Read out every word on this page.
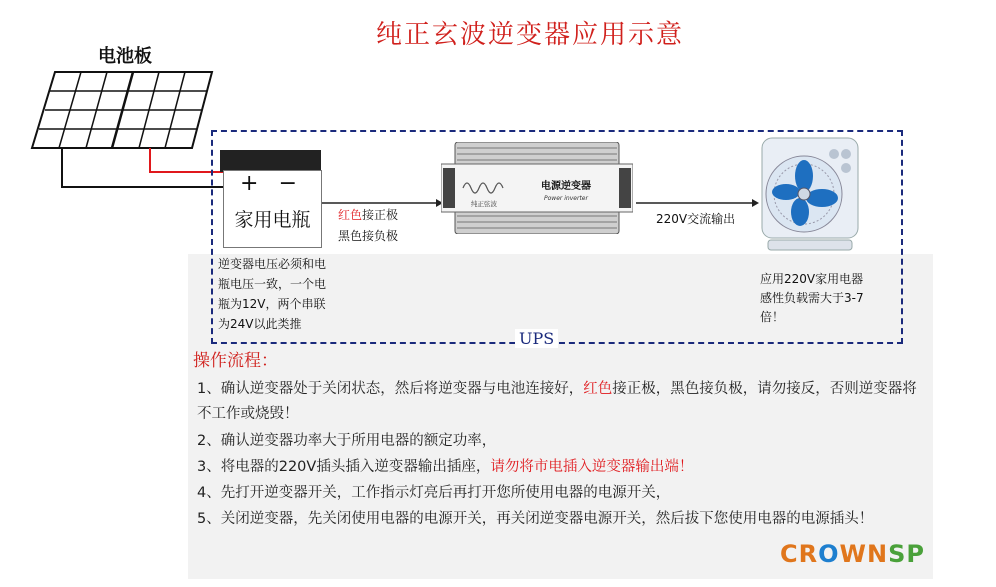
纯正玄波逆变器应用示意
电池板
UPS
+ −
家用电瓶
逆变器电压必须和电瓶电压一致，一个电瓶为12V，两个串联为24V以此类推
红色接正极
黑色接负极
电源逆变器
Power inverter
纯正弦波
220V交流输出
应用220V家用电器感性负载需大于3-7倍！
操作流程：
1、确认逆变器处于关闭状态，然后将逆变器与电池连接好，红色接正极，黑色接负极，请勿接反，否则逆变器将不工作或烧毁！
2、确认逆变器功率大于所用电器的额定功率，
3、将电器的220V插头插入逆变器输出插座，请勿将市电插入逆变器输出端！
4、先打开逆变器开关，工作指示灯亮后再打开您所使用电器的电源开关，
5、关闭逆变器，先关闭使用电器的电源开关，再关闭逆变器电源开关，然后拔下您使用电器的电源插头！
CROWNSP
